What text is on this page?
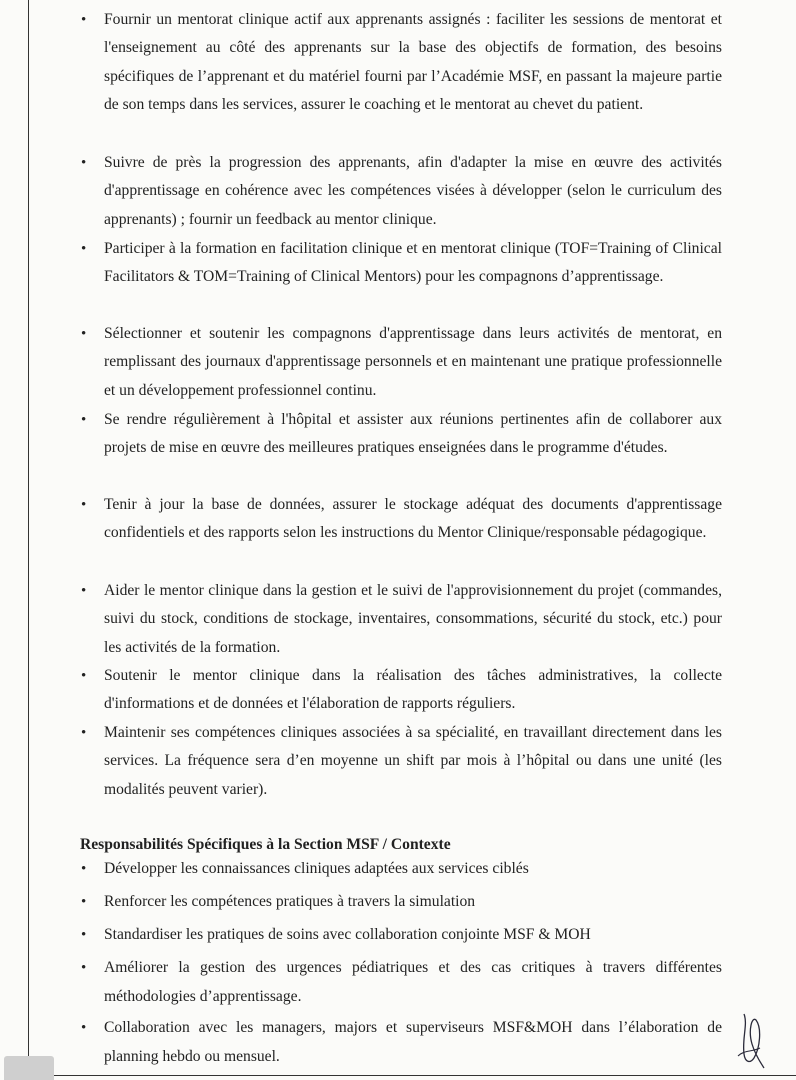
•
Fournir un mentorat clinique actif aux apprenants assignés : faciliter les sessions de mentorat et l'enseignement au côté des apprenants sur la base des objectifs de formation, des besoins spécifiques de l’apprenant et du matériel fourni par l’Académie MSF, en passant la majeure partie de son temps dans les services, assurer le coaching et le mentorat au chevet du patient.
•
Suivre de près la progression des apprenants, afin d'adapter la mise en œuvre des activités d'apprentissage en cohérence avec les compétences visées à développer (selon le curriculum des apprenants) ; fournir un feedback au mentor clinique.
•
Participer à la formation en facilitation clinique et en mentorat clinique (TOF=Training of Clinical Facilitators & TOM=Training of Clinical Mentors) pour les compagnons d’apprentissage.
•
Sélectionner et soutenir les compagnons d'apprentissage dans leurs activités de mentorat, en remplissant des journaux d'apprentissage personnels et en maintenant une pratique professionnelle et un développement professionnel continu.
•
Se rendre régulièrement à l'hôpital et assister aux réunions pertinentes afin de collaborer aux projets de mise en œuvre des meilleures pratiques enseignées dans le programme d'études.
•
Tenir à jour la base de données, assurer le stockage adéquat des documents d'apprentissage confidentiels et des rapports selon les instructions du Mentor Clinique/responsable pédagogique.
•
Aider le mentor clinique dans la gestion et le suivi de l'approvisionnement du projet (commandes, suivi du stock, conditions de stockage, inventaires, consommations, sécurité du stock, etc.) pour les activités de la formation.
•
Soutenir le mentor clinique dans la réalisation des tâches administratives, la collecte d'informations et de données et l'élaboration de rapports réguliers.
•
Maintenir ses compétences cliniques associées à sa spécialité, en travaillant directement dans les services. La fréquence sera d’en moyenne un shift par mois à l’hôpital ou dans une unité (les modalités peuvent varier).
Responsabilités Spécifiques à la Section MSF / Contexte
•
Développer les connaissances cliniques adaptées aux services ciblés
•
Renforcer les compétences pratiques à travers la simulation
•
Standardiser les pratiques de soins avec collaboration conjointe MSF & MOH
•
Améliorer la gestion des urgences pédiatriques et des cas critiques à travers différentes méthodologies d’apprentissage.
•
Collaboration avec les managers, majors et superviseurs MSF&MOH dans l’élaboration de planning hebdo ou mensuel.
